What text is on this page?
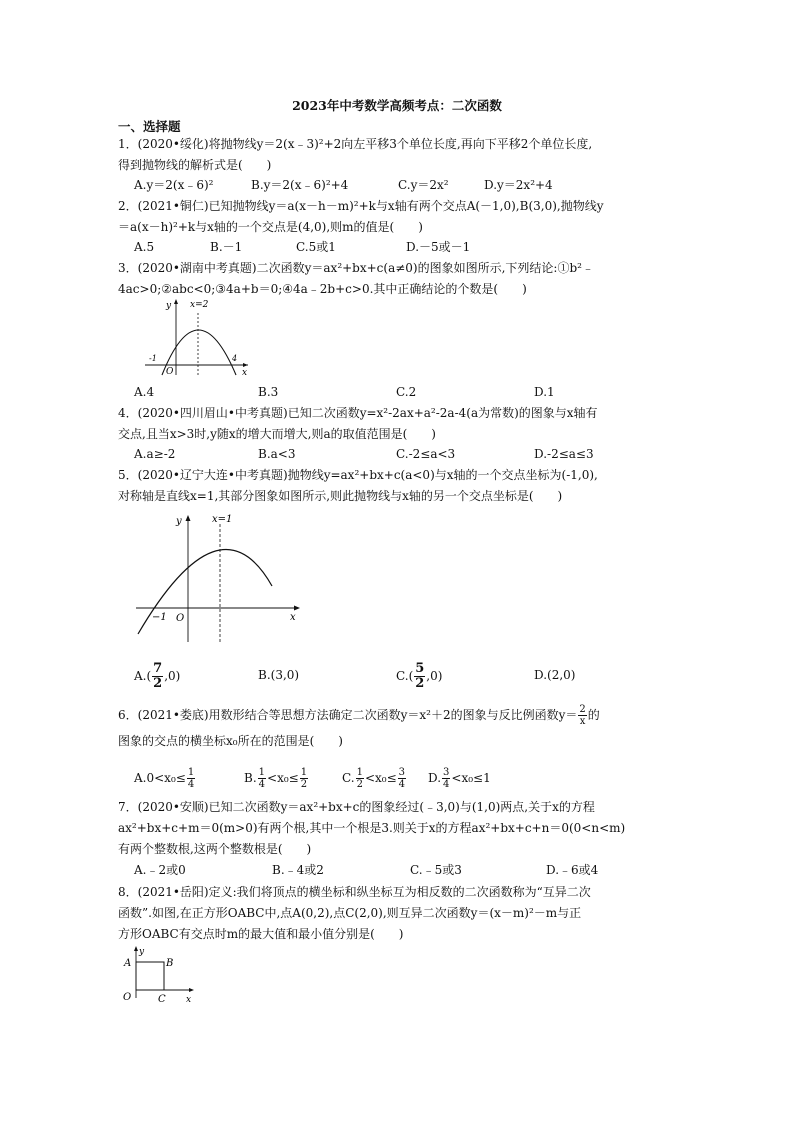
2023年中考数学高频考点：二次函数
一、选择题

1．(2020•绥化)将抛物线y＝2(x﹣3)²+2向左平移3个单位长度,再向下平移2个单位长度,

得到抛物线的解析式是(　　)

A.y＝2(x﹣6)²	B.y＝2(x﹣6)²+4	C.y＝2x²	D.y＝2x²+4

2．(2021•铜仁)已知抛物线y＝a(x－h－m)²+k与x轴有两个交点A(－1,0),B(3,0),抛物线y

＝a(x－h)²+k与x轴的一个交点是(4,0),则m的值是(　　)

A.5	B.－1	C.5或1	D.－5或－1

3．(2020•湖南中考真题)二次函数y＝ax²+bx+c(a≠0)的图象如图所示,下列结论:①b²﹣

4ac>0;②abc<0;③4a+b＝0;④4a﹣2b+c>0.其中正确结论的个数是(　　)

y
x
x=2
O
-1	4
A.4	B.3	C.2	D.1

4．(2020•四川眉山•中考真题)已知二次函数y=x²-2ax+a²-2a-4(a为常数)的图象与x轴有

交点,且当x>3时,y随x的增大而增大,则a的取值范围是(　　)

A.a≥-2	B.a<3	C.-2≤a<3	D.-2≤a≤3

5．(2020•辽宁大连•中考真题)抛物线y=ax²+bx+c(a<0)与x轴的一个交点坐标为(-1,0),

对称轴是直线x=1,其部分图象如图所示,则此抛物线与x轴的另一个交点坐标是(　　)

y
x
x=1
O
−1
$A.( \frac{7}{2} ,0)$	B.(3,0)	$C.( \frac{5}{2} ,0)$	D.(2,0)

6．(2021•娄底)用数形结合等思想方法确定二次函数y＝x²＋2的图象与反比例函数$y= \frac{2}{x}$ 的

图象的交点的横坐标x₀所在的范围是(　　)

$A.0<x_0\le \frac{1}{4}$	B. $\frac{1}{4} <x_0\le \frac{1}{2}$	C. $\frac{1}{2} <x_0\le \frac{3}{4} D$. $\frac{3}{4} <x_0\le 1$

7．(2020•安顺)已知二次函数y＝ax²+bx+c的图象经过(﹣3,0)与(1,0)两点,关于x的方程

ax²+bx+c+m＝0(m>0)有两个根,其中一个根是3.则关于x的方程ax²+bx+c+n＝0(0<n<m)

有两个整数根,这两个整数根是(　　)

A.﹣2或0	B.﹣4或2	C.﹣5或3	D.﹣6或4

8．(2021•岳阳)定义:我们将顶点的横坐标和纵坐标互为相反数的二次函数称为“互异二次

函数”.如图,在正方形OABC中,点A(0,2),点C(2,0),则互异二次函数y＝(x－m)²－m与正

方形OABC有交点时m的最大值和最小值分别是(　　)

y
x
O
A	B
C
